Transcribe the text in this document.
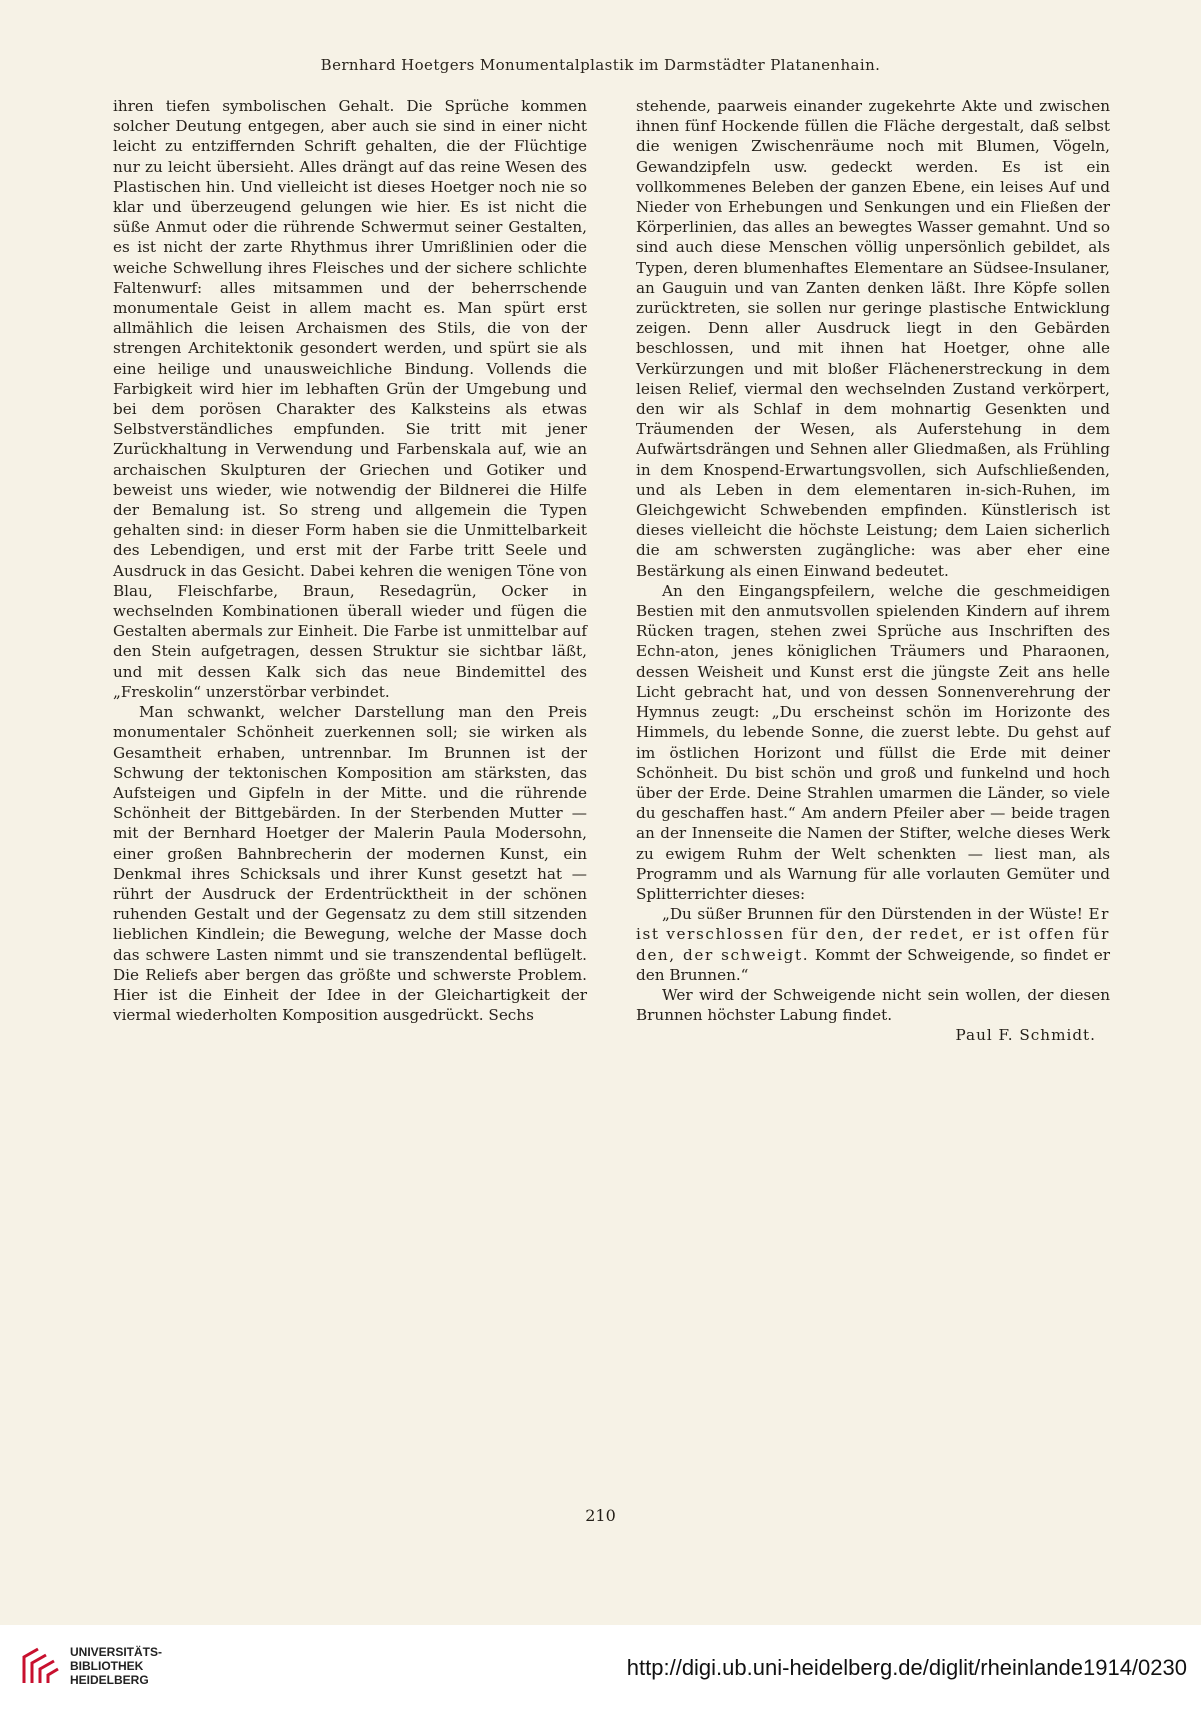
Bernhard Hoetgers Monumentalplastik im Darmstädter Platanenhain.

ihren tiefen symbolischen Gehalt. Die Sprüche kommen solcher Deutung entgegen, aber auch sie sind in einer nicht leicht zu entziffernden Schrift gehalten, die der Flüchtige nur zu leicht übersieht. Alles drängt auf das reine Wesen des Plastischen hin. Und vielleicht ist dieses Hoetger noch nie so klar und überzeugend gelungen wie hier. Es ist nicht die süße Anmut oder die rührende Schwermut seiner Gestalten, es ist nicht der zarte Rhythmus ihrer Umrißlinien oder die weiche Schwellung ihres Fleisches und der sichere schlichte Faltenwurf: alles mitsammen und der beherrschende monumentale Geist in allem macht es. Man spürt erst allmählich die leisen Archaismen des Stils, die von der strengen Architektonik gesondert werden, und spürt sie als eine heilige und unausweichliche Bindung. Vollends die Farbigkeit wird hier im lebhaften Grün der Umgebung und bei dem porösen Charakter des Kalksteins als etwas Selbstverständliches empfunden. Sie tritt mit jener Zurückhaltung in Verwendung und Farbenskala auf, wie an archaischen Skulpturen der Griechen und Gotiker und beweist uns wieder, wie notwendig der Bildnerei die Hilfe der Bemalung ist. So streng und allgemein die Typen gehalten sind: in dieser Form haben sie die Unmittelbarkeit des Lebendigen, und erst mit der Farbe tritt Seele und Ausdruck in das Gesicht. Dabei kehren die wenigen Töne von Blau, Fleischfarbe, Braun, Resedagrün, Ocker in wechselnden Kombinationen überall wieder und fügen die Gestalten abermals zur Einheit. Die Farbe ist unmittelbar auf den Stein aufgetragen, dessen Struktur sie sichtbar läßt, und mit dessen Kalk sich das neue Bindemittel des „Freskolin“ unzerstörbar verbindet.

Man schwankt, welcher Darstellung man den Preis monumentaler Schönheit zuerkennen soll; sie wirken als Gesamtheit erhaben, untrennbar. Im Brunnen ist der Schwung der tektonischen Komposition am stärksten, das Aufsteigen und Gipfeln in der Mitte. und die rührende Schönheit der Bittgebärden. In der Sterbenden Mutter — mit der Bernhard Hoetger der Malerin Paula Modersohn, einer großen Bahnbrecherin der modernen Kunst, ein Denkmal ihres Schicksals und ihrer Kunst gesetzt hat — rührt der Ausdruck der Erdentrücktheit in der schönen ruhenden Gestalt und der Gegensatz zu dem still sitzenden lieblichen Kindlein; die Bewegung, welche der Masse doch das schwere Lasten nimmt und sie transzendental beflügelt. Die Reliefs aber bergen das größte und schwerste Problem. Hier ist die Einheit der Idee in der Gleichartigkeit der viermal wiederholten Komposition ausgedrückt. Sechs

stehende, paarweis einander zugekehrte Akte und zwischen ihnen fünf Hockende füllen die Fläche dergestalt, daß selbst die wenigen Zwischenräume noch mit Blumen, Vögeln, Gewandzipfeln usw. gedeckt werden. Es ist ein vollkommenes Beleben der ganzen Ebene, ein leises Auf und Nieder von Erhebungen und Senkungen und ein Fließen der Körperlinien, das alles an bewegtes Wasser gemahnt. Und so sind auch diese Menschen völlig unpersönlich gebildet, als Typen, deren blumenhaftes Elementare an Südsee-Insulaner, an Gauguin und van Zanten denken läßt. Ihre Köpfe sollen zurücktreten, sie sollen nur geringe plastische Entwicklung zeigen. Denn aller Ausdruck liegt in den Gebärden beschlossen, und mit ihnen hat Hoetger, ohne alle Verkürzungen und mit bloßer Flächenerstreckung in dem leisen Relief, viermal den wechselnden Zustand verkörpert, den wir als Schlaf in dem mohnartig Gesenkten und Träumenden der Wesen, als Auferstehung in dem Aufwärtsdrängen und Sehnen aller Gliedmaßen, als Frühling in dem Knospend-Erwartungsvollen, sich Aufschließenden, und als Leben in dem elementaren in-sich-Ruhen, im Gleichgewicht Schwebenden empfinden. Künstlerisch ist dieses vielleicht die höchste Leistung; dem Laien sicherlich die am schwersten zugängliche: was aber eher eine Bestärkung als einen Einwand bedeutet.

An den Eingangspfeilern, welche die geschmeidigen Bestien mit den anmutsvollen spielenden Kindern auf ihrem Rücken tragen, stehen zwei Sprüche aus Inschriften des Echn-aton, jenes königlichen Träumers und Pharaonen, dessen Weisheit und Kunst erst die jüngste Zeit ans helle Licht gebracht hat, und von dessen Sonnenverehrung der Hymnus zeugt: „Du erscheinst schön im Horizonte des Himmels, du lebende Sonne, die zuerst lebte. Du gehst auf im östlichen Horizont und füllst die Erde mit deiner Schönheit. Du bist schön und groß und funkelnd und hoch über der Erde. Deine Strahlen umarmen die Länder, so viele du geschaffen hast.“ Am andern Pfeiler aber — beide tragen an der Innenseite die Namen der Stifter, welche dieses Werk zu ewigem Ruhm der Welt schenkten — liest man, als Programm und als Warnung für alle vorlauten Gemüter und Splitterrichter dieses:

„Du süßer Brunnen für den Dürstenden in der Wüste! Er ist verschlossen für den, der redet, er ist offen für den, der schweigt. Kommt der Schweigende, so findet er den Brunnen.“

Wer wird der Schweigende nicht sein wollen, der diesen Brunnen höchster Labung findet.

Paul F. Schmidt.

210
UNIVERSITÄTS-
BIBLIOTHEK
HEIDELBERG	http://digi.ub.uni-heidelberg.de/diglit/rheinlande1914/0230
